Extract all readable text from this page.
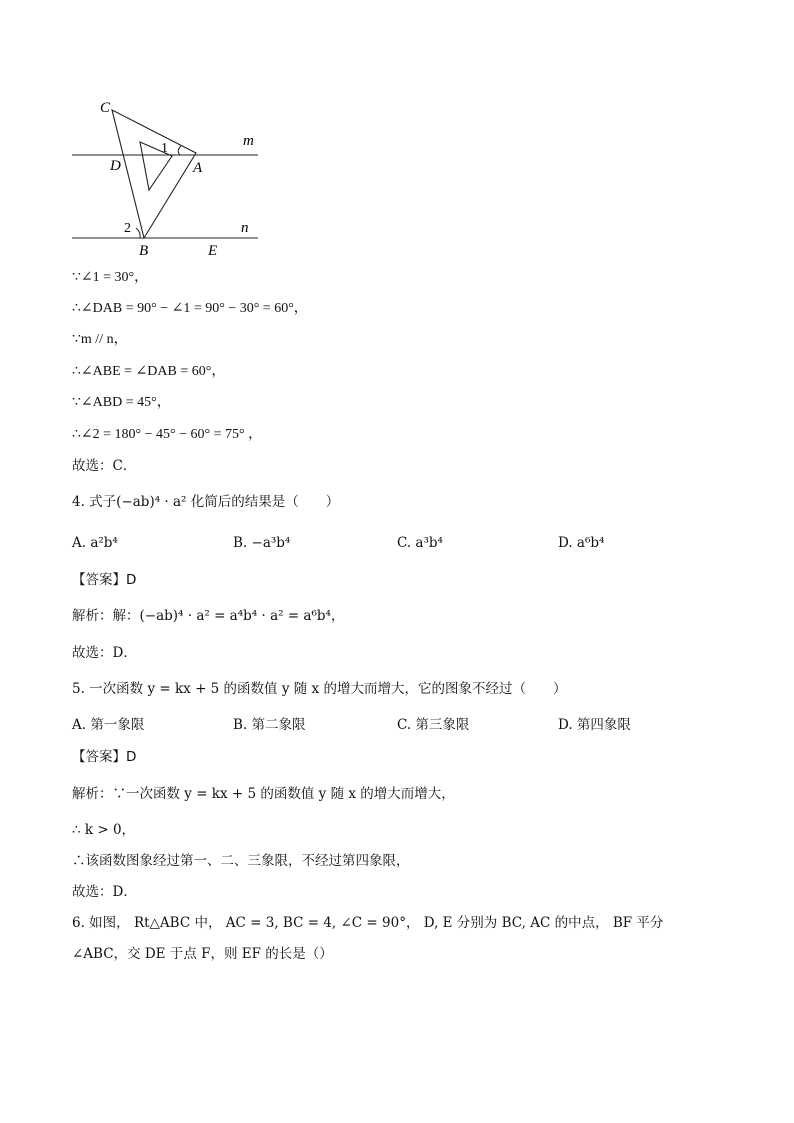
C
D	A
B	E
m
n
1
2
∵∠1 = 30°，
∴∠DAB = 90° − ∠1 = 90° − 30° = 60°，
∵m // n，
∴∠ABE = ∠DAB = 60°，
∵∠ABD = 45°，
∴∠2 = 180° − 45° − 60° = 75° ，
故选：C．
4. 式子(−ab)⁴ · a² 化简后的结果是（　　）
A. a²b⁴	B. −a³b⁴	C. a³b⁴	D. a⁶b⁴
【答案】D
解析：解：(−ab)⁴ · a² = a⁴b⁴ · a² = a⁶b⁴，
故选：D．
5. 一次函数 y = kx + 5 的函数值 y 随 x 的增大而增大，它的图象不经过（　　）
A. 第一象限	B. 第二象限	C. 第三象限	D. 第四象限
【答案】D
解析：∵一次函数 y = kx + 5 的函数值 y 随 x 的增大而增大，
∴ k > 0，
∴该函数图象经过第一、二、三象限，不经过第四象限，
故选：D．
6. 如图， Rt△ABC 中， AC = 3, BC = 4, ∠C = 90°， D, E 分别为 BC, AC 的中点， BF 平分
∠ABC，交 DE 于点 F，则 EF 的长是（）
